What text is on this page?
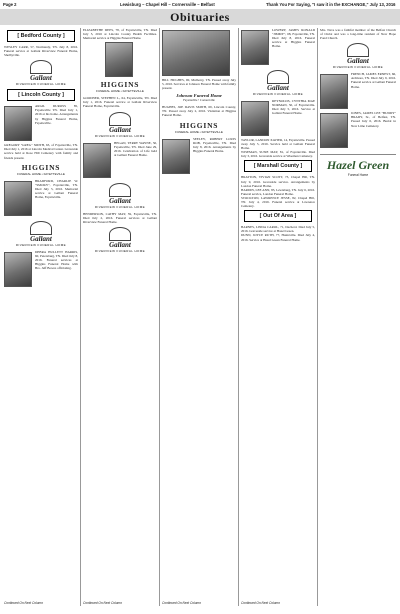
Page 2	Lewisburg – Chapel Hill – Cornersville – Belfast	Thank You For Saying, "I saw it in the EXCHANGE," July 13, 2016
Obituaries
[ Bedford County ]
WESLEY CARR, 57, Normandy, TN. July 8, 2016. Funeral service at Gallant Riverview Funeral Home, Shelbyville.
Gallant
RIVERVIEW FUNERAL HOME
[ Lincoln County ]
ARGIL DUROSS 85, Fayetteville TN. Died July 1, 2016 at his home. Arrangements by Higgins Funeral Home, Fayetteville.
GREGORY "GREG" SMITH, 63, of Fayetteville, TN. Died July 1, 2016 at Lincoln Medical Center. Graveside service held at Rose Hill Cemetery with family and friends present.
HIGGINS
FUNERAL HOME • FAYETTEVILLE
BRADFORD, CHARLIE W. "SMOKY", Fayetteville, TN. Died July 5, 2016. Memorial service at Gallant Funeral Home, Fayetteville.
Gallant
RIVERVIEW FUNERAL HOME
DEBRA HULLETT HARRIS, 60, Petersburg, TN. Died July 8, 2016. Funeral services at Higgins Funeral Home with Bro. Jeff Bowes officiating.
Continued On Next Column
ELIZABETHE DEES, 78, of Fayetteville, TN. Died July 5, 2016 at Lincoln County Health Facilities. Memorial service at Higgins Funeral Home.
HIGGINS
FUNERAL HOME • FAYETTEVILLE
GOODNER, STEPHEN L., 64, Fayetteville, TN. Died July 1, 2016. Funeral service at Gallant Riverview Funeral Home, Fayetteville.
Gallant
RIVERVIEW FUNERAL HOME
HEGAN, TERRY WAYNE, 50, Fayetteville, TN. Died June 29, 2016. Celebration of Life held at Gallant Funeral Home.
Gallant
RIVERVIEW FUNERAL HOME
HENDERSON, CATHY MAY, 59, Fayetteville, TN. Died July 2, 2016. Funeral services at Gallant Riverview Funeral Home.
Gallant
RIVERVIEW FUNERAL HOME
Continued On Next Column
BILL HUGHES, 90, Mulberry, TN. Passed away July 5, 2016. Services at Johnson Funeral Home with family present.
Johnson Funeral Home
Fayetteville • Cornersville
HUGHES, JOE DAVIS SMITH, 69, Lincoln County, TN. Passed away July 2, 2016. Visitation at Higgins Funeral Home.
HIGGINS
FUNERAL HOME • FAYETTEVILLE
SEELEY, ROBERT LOUIS ROB, Fayetteville, TN. Died July 8, 2016. Arrangements by Higgins Funeral Home.
Continued On Next Column
LOWERY, JAMES RONALD "JIMMY", 68, Fayetteville, TN. Died July 8, 2016. Funeral service at Higgins Funeral Home.
Gallant
RIVERVIEW FUNERAL HOME
REYNOLDS, CYNTHIA MAE NORMAN, 50, of Fayetteville. Died July 5, 2016. Service at Gallant Funeral Home.
TAYLOR, LANDON XAVIER, 14, Fayetteville. Passed away July 5, 2016. Service held at Gallant Funeral Home.
WISEMAN, SUSIE MAY, 81, of Fayetteville. Died July 3, 2016. Graveside service at Wiseman Cemetery.
[ Marshall County ]
BRATTON, VIVIAN SCOTT, 73, Chapel Hill, TN. July 9, 2016. Graveside service. Arrangements by London Funeral Home.
HARDIN, LEE ANN, 83, Lewisburg, TN. July 6, 2016. Funeral service, London Funeral Home.
STOCKTON, LAWRENCE JESSE, 82, Chapel Hill, TN. July 4, 2016. Funeral service at Lawrence Cemetery.
[ Out Of Area ]
BARNES, LINDA CAROL, 71, Decherd. Died July 5, 2016. Graveside service at Hazel Green.
DUNN, JOYCE RUTH, 77, Huntsville. Died July 4, 2016. Service at Hazel Green Funeral Home.
Continued On Next Column
Mrs. Nave was a faithful member of the Belfast Church of Christ and was a long-time resident of New Hope Pond Church.
Gallant
RIVERVIEW FUNERAL HOME
FRENCH, JAMES ERNEST, 66, Ardmore, TN. Died July 9, 2016. Funeral service at Gallant Funeral Home.
JONES, JAMES LEE "BUDDY" BRADY, Sr., of Belfast, TN. Passed July 6, 2016. Burial in New Lime Cemetery.
Hazel Green
Funeral Home
